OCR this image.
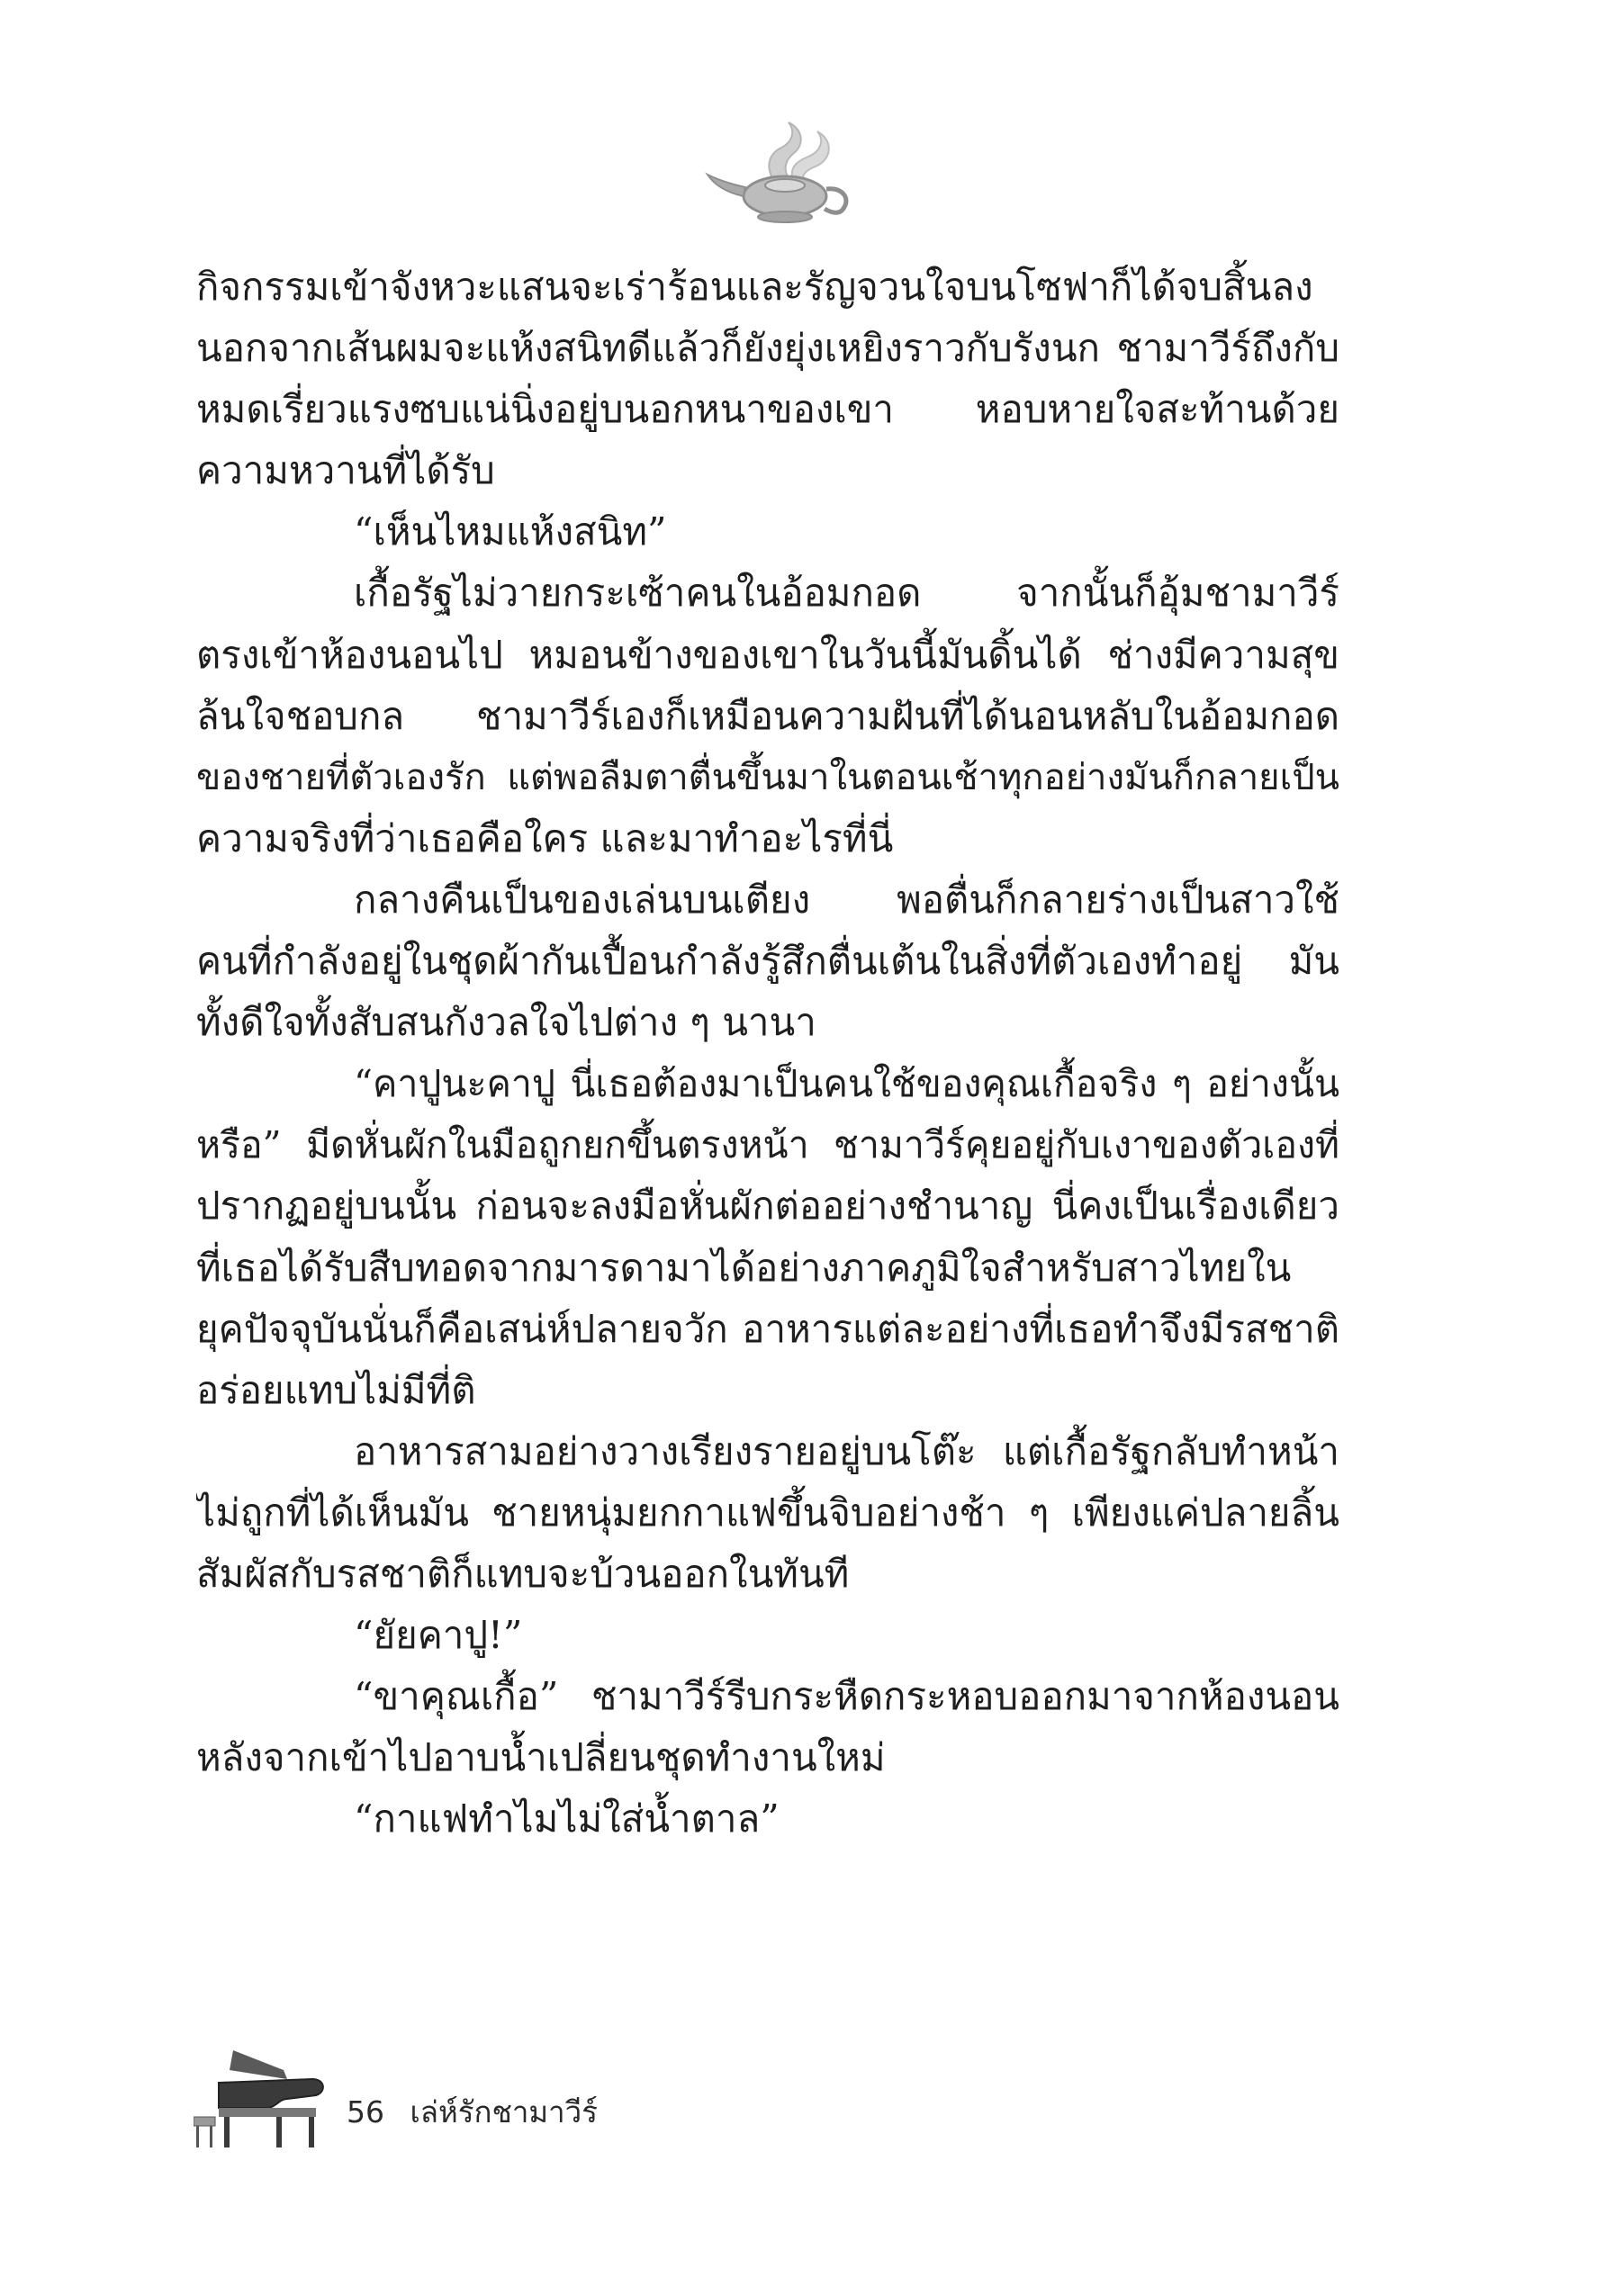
กิจกรรมเข้าจังหวะแสนจะเร่าร้อนและรัญจวนใจบนโซฟาก็ได้จบสิ้นลง
นอกจากเส้นผมจะแห้งสนิทดีแล้วก็ยังยุ่งเหยิงราวกับรังนก ชามาวีร์ถึงกับ
หมดเรี่ยวแรงซบแน่นิ่งอยู่บนอกหนาของเขา หอบหายใจสะท้านด้วย
ความหวานที่ได้รับ
“เห็นไหมแห้งสนิท”
เกื้อรัฐไม่วายกระเซ้าคนในอ้อมกอด จากนั้นก็อุ้มชามาวีร์
ตรงเข้าห้องนอนไป หมอนข้างของเขาในวันนี้มันดิ้นได้ ช่างมีความสุข
ล้นใจชอบกล ชามาวีร์เองก็เหมือนความฝันที่ได้นอนหลับในอ้อมกอด
ของชายที่ตัวเองรัก แต่พอลืมตาตื่นขึ้นมาในตอนเช้าทุกอย่างมันก็กลายเป็น
ความจริงที่ว่าเธอคือใคร และมาทำอะไรที่นี่
กลางคืนเป็นของเล่นบนเตียง พอตื่นก็กลายร่างเป็นสาวใช้
คนที่กำลังอยู่ในชุดผ้ากันเปื้อนกำลังรู้สึกตื่นเต้นในสิ่งที่ตัวเองทำอยู่ มัน
ทั้งดีใจทั้งสับสนกังวลใจไปต่าง ๆ นานา
“คาปูนะคาปู นี่เธอต้องมาเป็นคนใช้ของคุณเกื้อจริง ๆ อย่างนั้น
หรือ” มีดหั่นผักในมือถูกยกขึ้นตรงหน้า ชามาวีร์คุยอยู่กับเงาของตัวเองที่
ปรากฏอยู่บนนั้น ก่อนจะลงมือหั่นผักต่ออย่างชำนาญ นี่คงเป็นเรื่องเดียว
ที่เธอได้รับสืบทอดจากมารดามาได้อย่างภาคภูมิใจสำหรับสาวไทยใน
ยุคปัจจุบันนั่นก็คือเสน่ห์ปลายจวัก อาหารแต่ละอย่างที่เธอทำจึงมีรสชาติ
อร่อยแทบไม่มีที่ติ
อาหารสามอย่างวางเรียงรายอยู่บนโต๊ะ แต่เกื้อรัฐกลับทำหน้า
ไม่ถูกที่ได้เห็นมัน ชายหนุ่มยกกาแฟขึ้นจิบอย่างช้า ๆ เพียงแค่ปลายลิ้น
สัมผัสกับรสชาติก็แทบจะบ้วนออกในทันที
“ยัยคาปู!”
“ขาคุณเกื้อ” ชามาวีร์รีบกระหืดกระหอบออกมาจากห้องนอน
หลังจากเข้าไปอาบน้ำเปลี่ยนชุดทำงานใหม่
“กาแฟทำไมไม่ใส่น้ำตาล”
56 เล่ห์รักชามาวีร์
